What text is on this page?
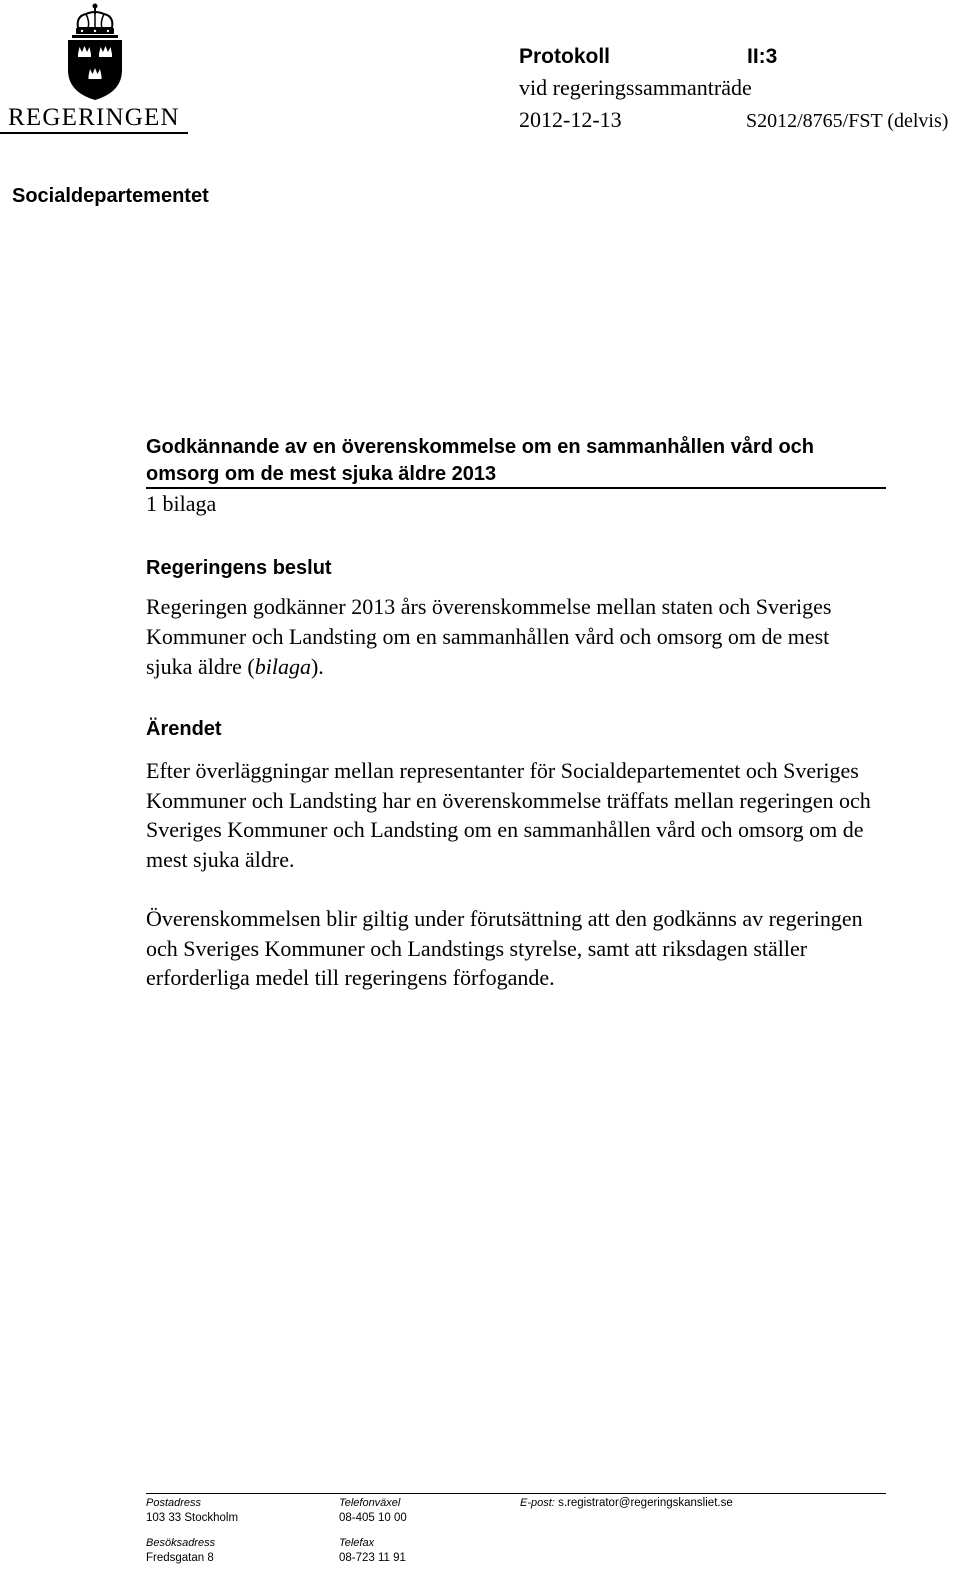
REGERINGEN
Protokoll	II:3
vid regeringssammanträde
2012-12-13	S2012/8765/FST (delvis)
Socialdepartementet
Godkännande av en överenskommelse om en sammanhållen vård och omsorg om de mest sjuka äldre 2013
1 bilaga
Regeringens beslut
Regeringen godkänner 2013 års överenskommelse mellan staten och Sveriges Kommuner och Landsting om en sammanhållen vård och omsorg om de mest sjuka äldre (bilaga).
Ärendet
Efter överläggningar mellan representanter för Socialdepartementet och Sveriges Kommuner och Landsting har en överenskommelse träffats mellan regeringen och Sveriges Kommuner och Landsting om en sammanhållen vård och omsorg om de mest sjuka äldre.
Överenskommelsen blir giltig under förutsättning att den godkänns av regeringen och Sveriges Kommuner och Landstings styrelse, samt att riksdagen ställer erforderliga medel till regeringens förfogande.
Postadress
103 33 Stockholm
Besöksadress
Fredsgatan 8
Telefonväxel
08-405 10 00
Telefax
08-723 11 91
E-post: s.registrator@regeringskansliet.se
